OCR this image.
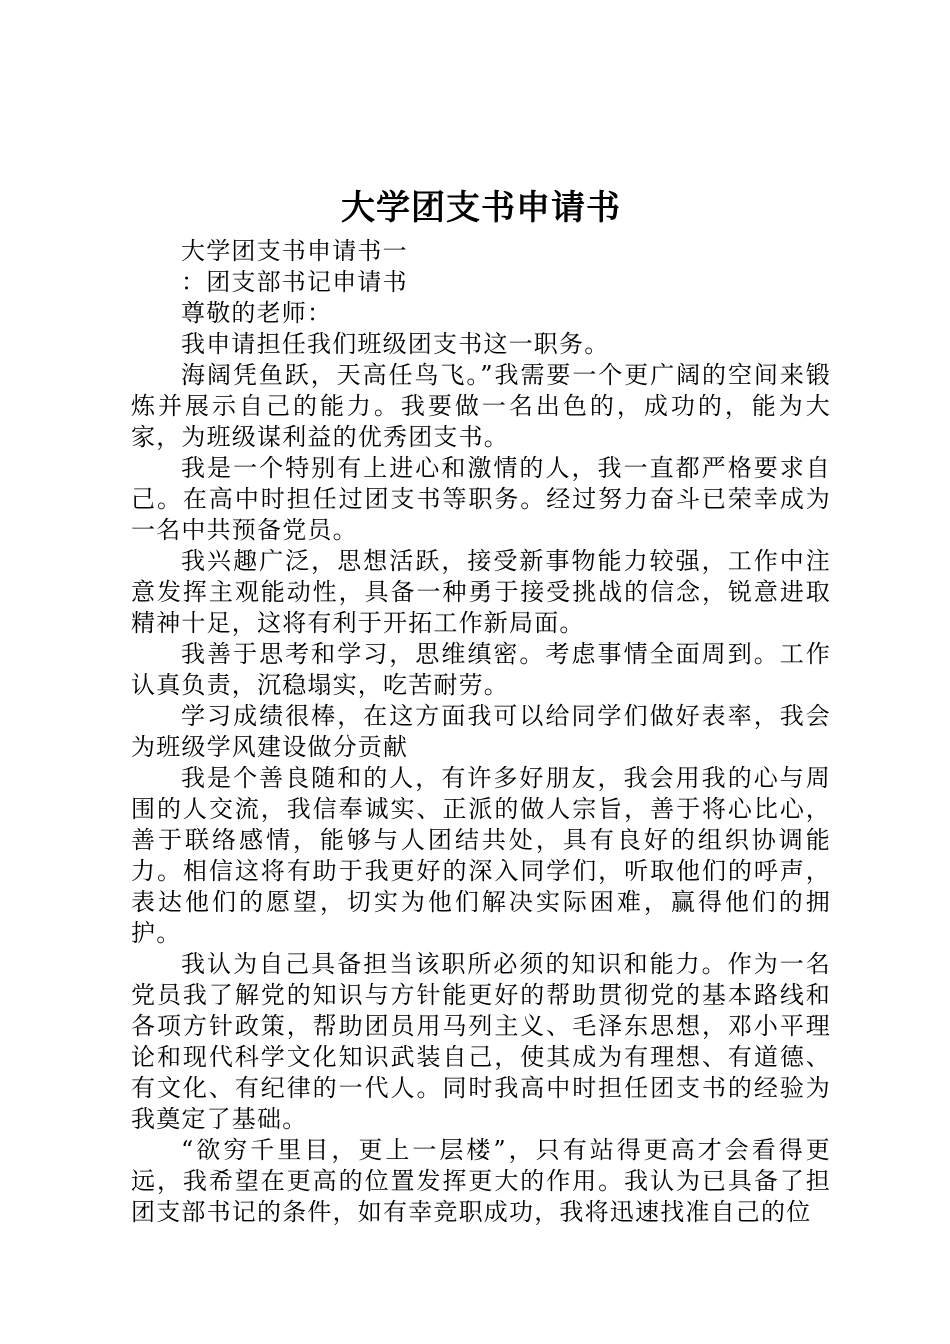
大学团支书申请书

大学团支书申请书一

：团支部书记申请书

尊敬的老师：

我申请担任我们班级团支书这一职务。

海阔凭鱼跃，天高任鸟飞。”我需要一个更广阔的空间来锻炼并展示自己的能力。我要做一名出色的，成功的，能为大家，为班级谋利益的优秀团支书。

我是一个特别有上进心和激情的人，我一直都严格要求自己。在高中时担任过团支书等职务。经过努力奋斗已荣幸成为一名中共预备党员。

我兴趣广泛，思想活跃，接受新事物能力较强，工作中注意发挥主观能动性，具备一种勇于接受挑战的信念，锐意进取精神十足，这将有利于开拓工作新局面。

我善于思考和学习，思维缜密。考虑事情全面周到。工作认真负责，沉稳塌实，吃苦耐劳。

学习成绩很棒，在这方面我可以给同学们做好表率，我会为班级学风建设做分贡献

我是个善良随和的人，有许多好朋友，我会用我的心与周围的人交流，我信奉诚实、正派的做人宗旨，善于将心比心，善于联络感情，能够与人团结共处，具有良好的组织协调能力。相信这将有助于我更好的深入同学们，听取他们的呼声，表达他们的愿望，切实为他们解决实际困难，赢得他们的拥护。

我认为自己具备担当该职所必须的知识和能力。作为一名党员我了解党的知识与方针能更好的帮助贯彻党的基本路线和各项方针政策，帮助团员用马列主义、毛泽东思想，邓小平理论和现代科学文化知识武装自己，使其成为有理想、有道德、有文化、有纪律的一代人。同时我高中时担任团支书的经验为我奠定了基础。

“欲穷千里目，更上一层楼”，只有站得更高才会看得更远，我希望在更高的位置发挥更大的作用。我认为已具备了担团支部书记的条件，如有幸竞职成功，我将迅速找准自己的位
